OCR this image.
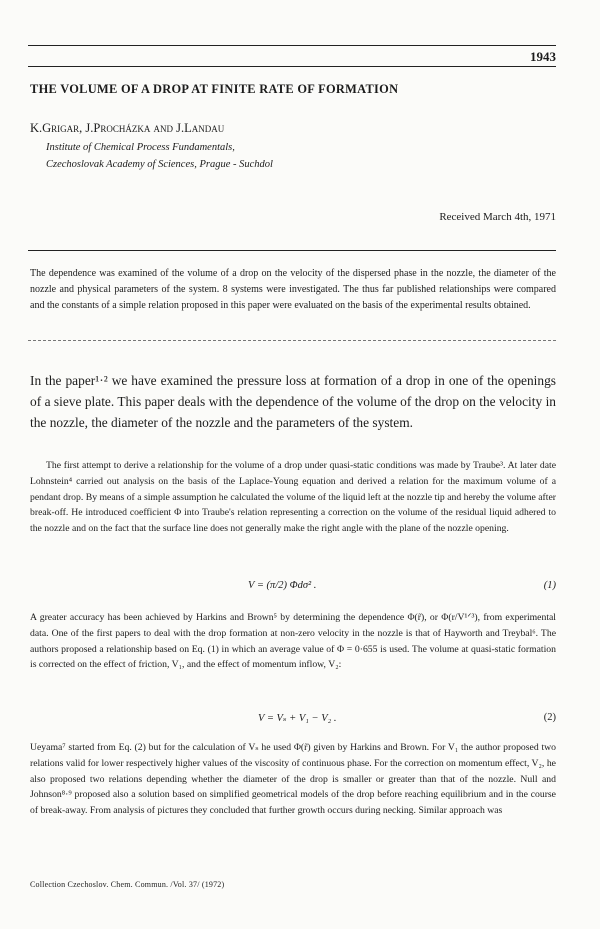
1943
THE VOLUME OF A DROP AT FINITE RATE OF FORMATION
K.Grigar, J.Procházka and J.Landau
Institute of Chemical Process Fundamentals,
Czechoslovak Academy of Sciences, Prague - Suchdol
Received March 4th, 1971

The dependence was examined of the volume of a drop on the velocity of the dispersed phase in the nozzle, the diameter of the nozzle and physical parameters of the system. 8 systems were investigated. The thus far published relationships were compared and the constants of a simple relation proposed in this paper were evaluated on the basis of the experimental results obtained.

In the paper¹·² we have examined the pressure loss at formation of a drop in one of the openings of a sieve plate. This paper deals with the dependence of the volume of the drop on the velocity in the nozzle, the diameter of the nozzle and the parameters of the system.

The first attempt to derive a relationship for the volume of a drop under quasi-static conditions was made by Traube³. At later date Lohnstein⁴ carried out analysis on the basis of the Laplace-Young equation and derived a relation for the maximum volume of a pendant drop. By means of a simple assumption he calculated the volume of the liquid left at the nozzle tip and hereby the volume after break-off. He introduced coefficient Φ into Traube's relation representing a correction on the volume of the residual liquid adhered to the nozzle and on the fact that the surface line does not generally make the right angle with the plane of the nozzle opening.

V = (π/2) Φdσ² .	(1)

A greater accuracy has been achieved by Harkins and Brown⁵ by determining the dependence Φ(r̃), or Φ(r/V¹ᐟ³), from experimental data. One of the first papers to deal with the drop formation at non-zero velocity in the nozzle is that of Hayworth and Treybal⁶. The authors proposed a relationship based on Eq. (1) in which an average value of Φ = 0·655 is used. The volume at quasi-static formation is corrected on the effect of friction, V₁, and the effect of momentum inflow, V₂:

V = Vₛ + V₁ − V₂ .	(2)

Ueyama⁷ started from Eq. (2) but for the calculation of Vₛ he used Φ(r̃) given by Harkins and Brown. For V₁ the author proposed two relations valid for lower respectively higher values of the viscosity of continuous phase. For the correction on momentum effect, V₂, he also proposed two relations depending whether the diameter of the drop is smaller or greater than that of the nozzle. Null and Johnson⁸·⁹ proposed also a solution based on simplified geometrical models of the drop before reaching equilibrium and in the course of break-away. From analysis of pictures they concluded that further growth occurs during necking. Similar approach was

Collection Czechoslov. Chem. Commun. /Vol. 37/ (1972)
